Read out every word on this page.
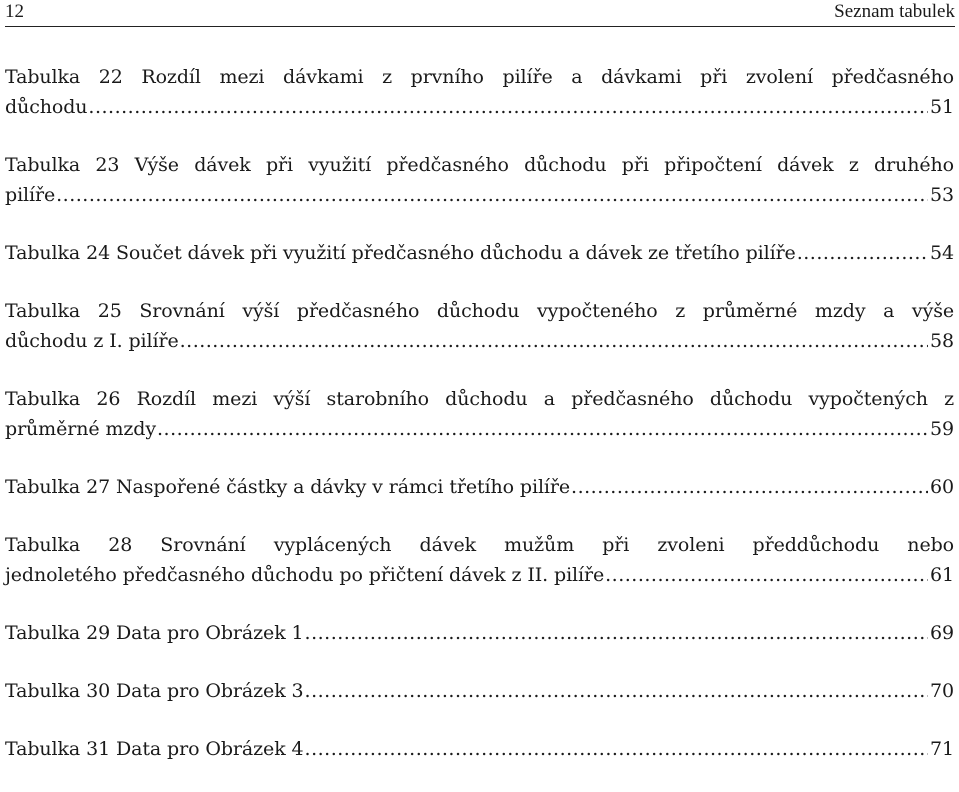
12	Seznam tabulek
Tabulka 22 Rozdíl mezi dávkami z prvního pilíře a dávkami při zvolení předčasného
důchodu .....	51
Tabulka 23 Výše dávek při využití předčasného důchodu při připočtení dávek z druhého
pilíře .....	53
Tabulka 24 Součet dávek při využití předčasného důchodu a dávek ze třetího pilíře .....	54
Tabulka 25 Srovnání výší předčasného důchodu vypočteného z průměrné mzdy a výše
důchodu z I. pilíře .....	58
Tabulka 26 Rozdíl mezi výší starobního důchodu a předčasného důchodu vypočtených z
průměrné mzdy .....	59
Tabulka 27 Naspořené částky a dávky v rámci třetího pilíře .....	60
Tabulka 28 Srovnání vyplácených dávek mužům při zvoleni předdůchodu nebo
jednoletého předčasného důchodu po přičtení dávek z II. pilíře .....	61
Tabulka 29 Data pro Obrázek 1 .....	69
Tabulka 30 Data pro Obrázek 3 .....	70
Tabulka 31 Data pro Obrázek 4 .....	71
